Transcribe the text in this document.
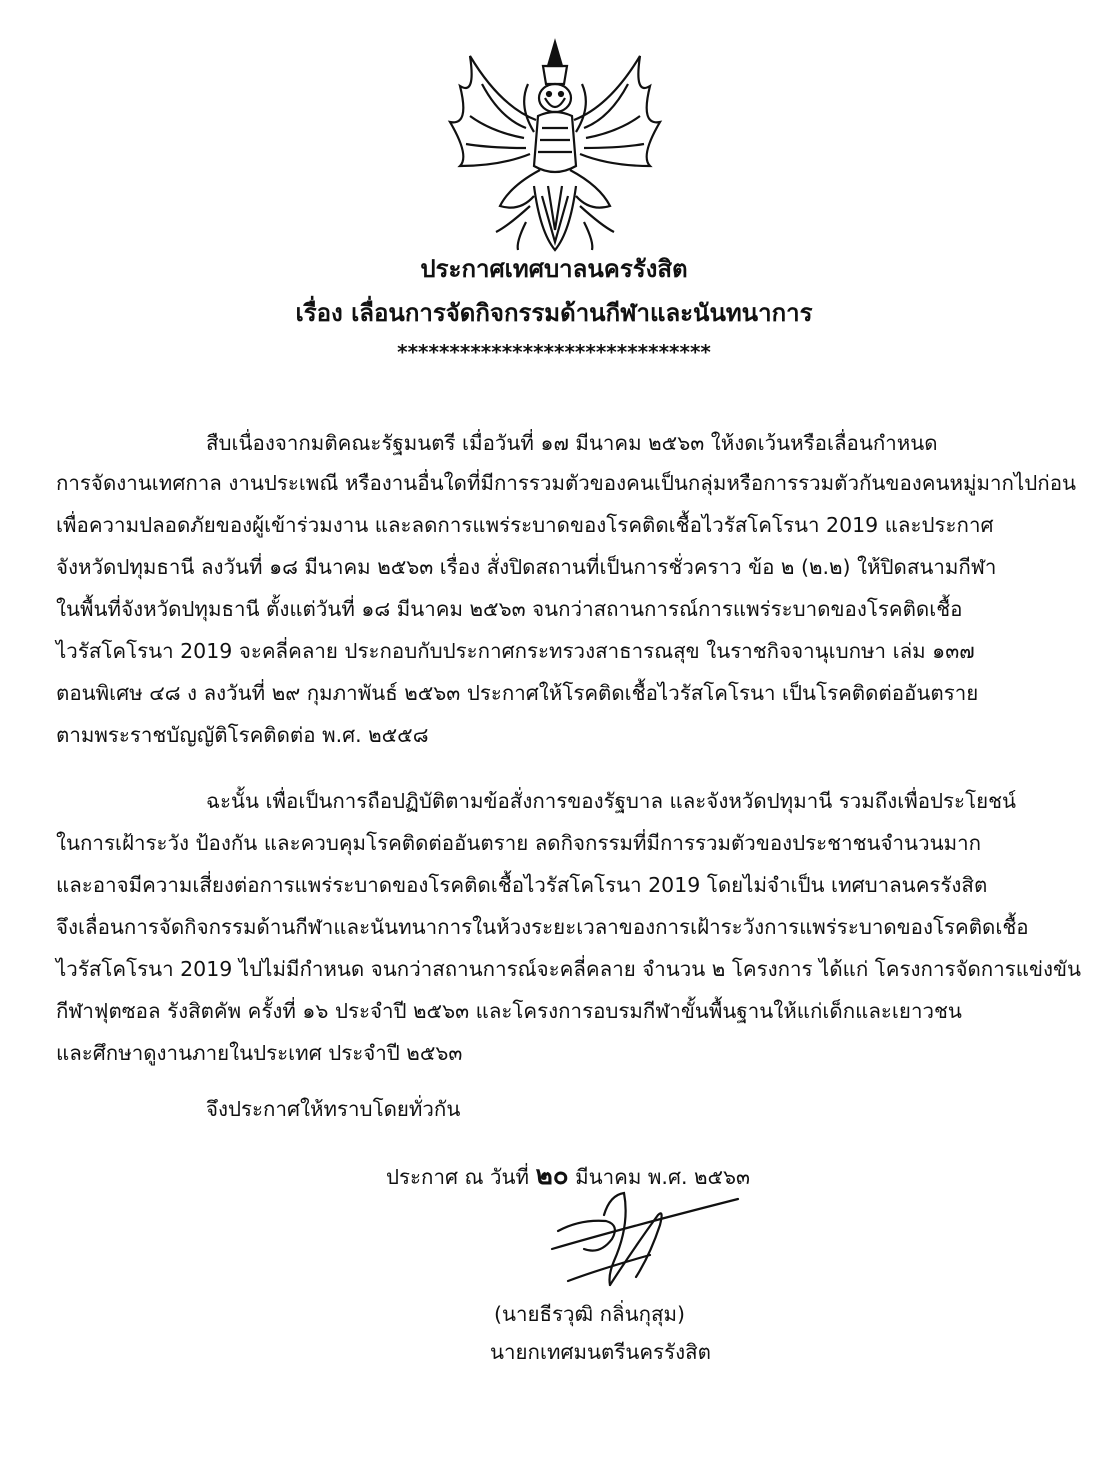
ประกาศเทศบาลนครรังสิต
เรื่อง เลื่อนการจัดกิจกรรมด้านกีฬาและนันทนาการ
******************************
สืบเนื่องจากมติคณะรัฐมนตรี เมื่อวันที่ ๑๗ มีนาคม ๒๕๖๓ ให้งดเว้นหรือเลื่อนกำหนด
การจัดงานเทศกาล งานประเพณี หรืองานอื่นใดที่มีการรวมตัวของคนเป็นกลุ่มหรือการรวมตัวกันของคนหมู่มากไปก่อน
เพื่อความปลอดภัยของผู้เข้าร่วมงาน และลดการแพร่ระบาดของโรคติดเชื้อไวรัสโคโรนา 2019 และประกาศ
จังหวัดปทุมธานี ลงวันที่ ๑๘ มีนาคม ๒๕๖๓ เรื่อง สั่งปิดสถานที่เป็นการชั่วคราว ข้อ ๒ (๒.๒) ให้ปิดสนามกีฬา
ในพื้นที่จังหวัดปทุมธานี ตั้งแต่วันที่ ๑๘ มีนาคม ๒๕๖๓ จนกว่าสถานการณ์การแพร่ระบาดของโรคติดเชื้อ
ไวรัสโคโรนา 2019 จะคลี่คลาย ประกอบกับประกาศกระทรวงสาธารณสุข ในราชกิจจานุเบกษา เล่ม ๑๓๗
ตอนพิเศษ ๔๘ ง ลงวันที่ ๒๙ กุมภาพันธ์ ๒๕๖๓ ประกาศให้โรคติดเชื้อไวรัสโคโรนา เป็นโรคติดต่ออันตราย
ตามพระราชบัญญัติโรคติดต่อ พ.ศ. ๒๕๕๘
ฉะนั้น เพื่อเป็นการถือปฏิบัติตามข้อสั่งการของรัฐบาล และจังหวัดปทุมานี รวมถึงเพื่อประโยชน์
ในการเฝ้าระวัง ป้องกัน และควบคุมโรคติดต่ออันตราย ลดกิจกรรมที่มีการรวมตัวของประชาชนจำนวนมาก
และอาจมีความเสี่ยงต่อการแพร่ระบาดของโรคติดเชื้อไวรัสโคโรนา 2019 โดยไม่จำเป็น เทศบาลนครรังสิต
จึงเลื่อนการจัดกิจกรรมด้านกีฬาและนันทนาการในห้วงระยะเวลาของการเฝ้าระวังการแพร่ระบาดของโรคติดเชื้อ
ไวรัสโคโรนา 2019 ไปไม่มีกำหนด จนกว่าสถานการณ์จะคลี่คลาย จำนวน ๒ โครงการ ได้แก่ โครงการจัดการแข่งขัน
กีฬาฟุตซอล รังสิตคัพ ครั้งที่ ๑๖ ประจำปี ๒๕๖๓ และโครงการอบรมกีฬาขั้นพื้นฐานให้แก่เด็กและเยาวชน
และศึกษาดูงานภายในประเทศ ประจำปี ๒๕๖๓
จึงประกาศให้ทราบโดยทั่วกัน
ประกาศ ณ วันที่ ๒๐ มีนาคม พ.ศ. ๒๕๖๓
(นายธีรวุฒิ กลิ่นกุสุม)
นายกเทศมนตรีนครรังสิต
